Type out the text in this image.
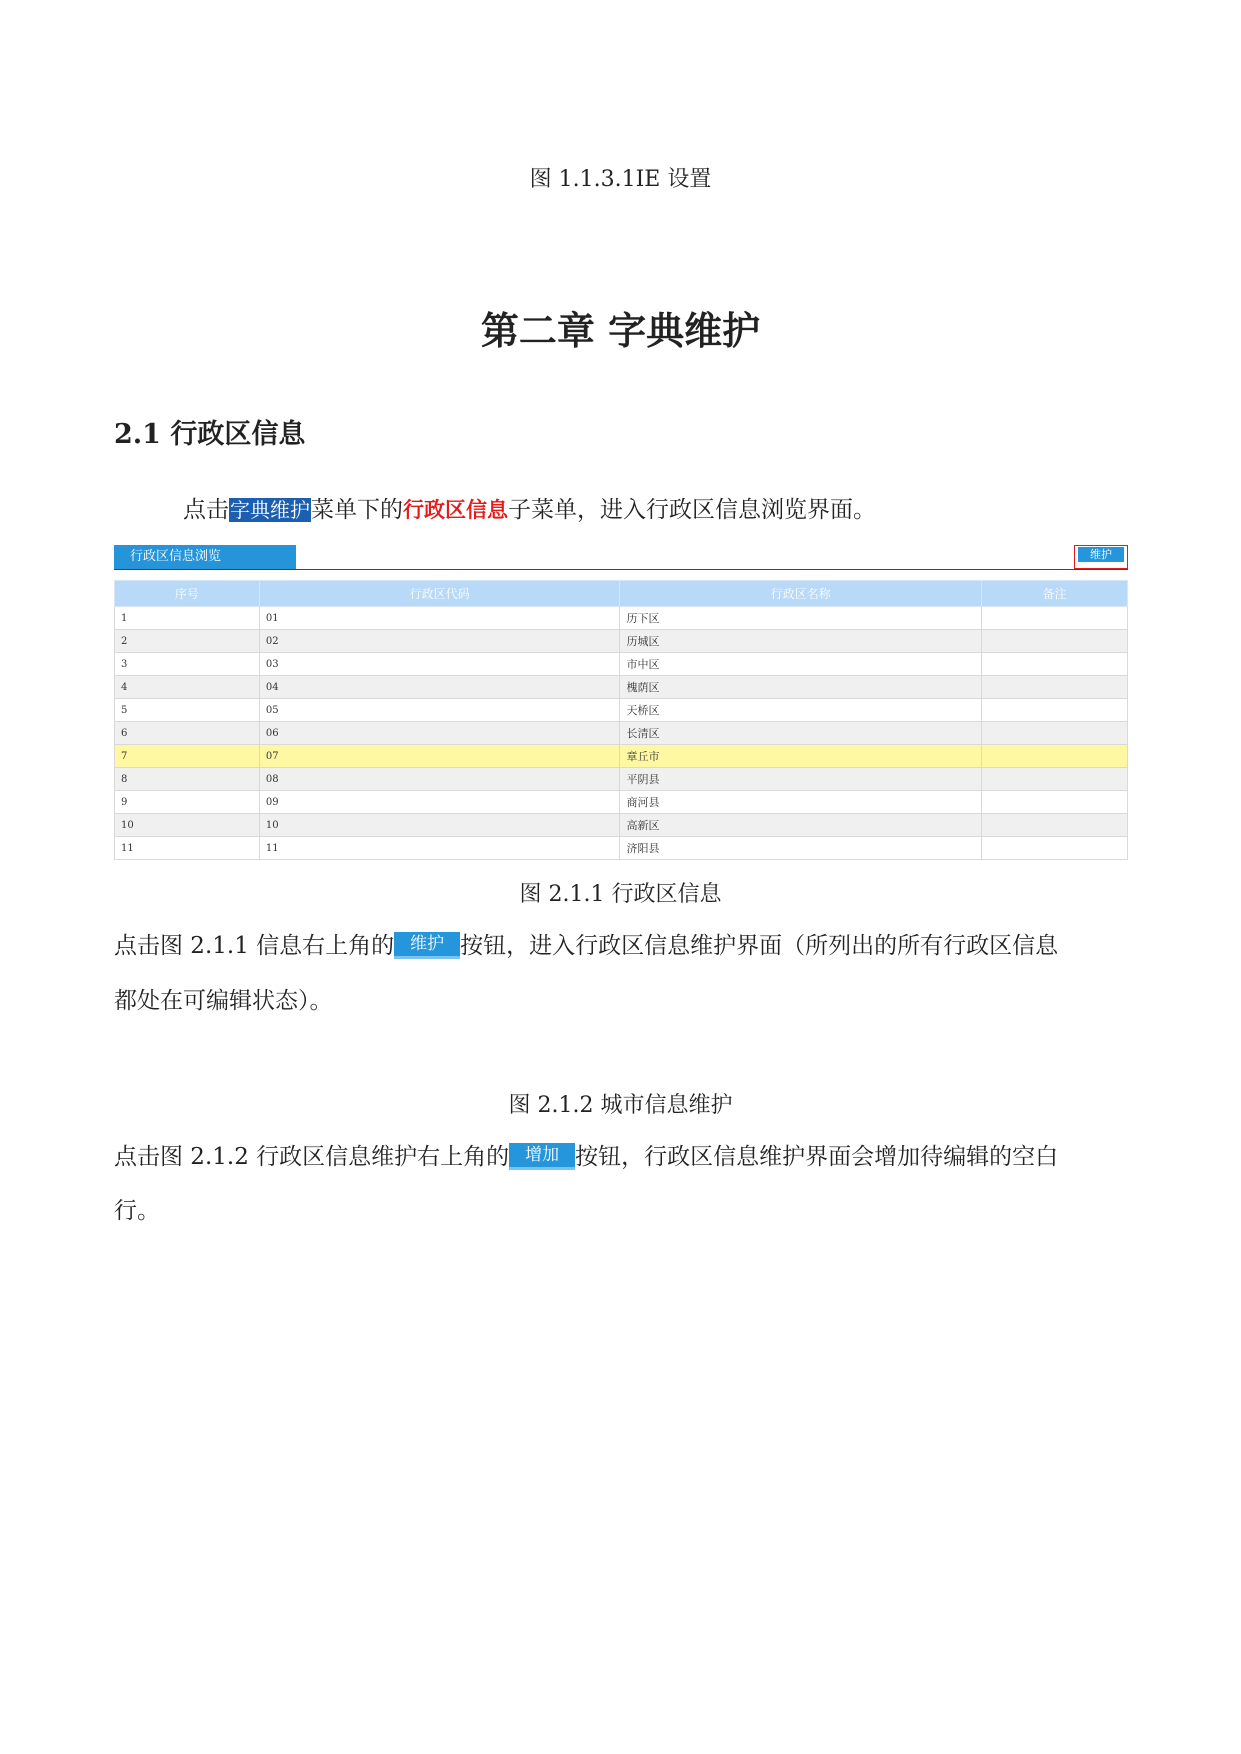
图 1.1.3.1IE 设置
第二章 字典维护
2.1 行政区信息
点击字典维护菜单下的行政区信息子菜单，进入行政区信息浏览界面。
行政区信息浏览	维护
序号	行政区代码	行政区名称	备注
1	01	历下区	
2	02	历城区	
3	03	市中区	
4	04	槐荫区	
5	05	天桥区	
6	06	长清区	
7	07	章丘市	
8	08	平阴县	
9	09	商河县	
10	10	高新区	
11	11	济阳县	
图 2.1.1 行政区信息
点击图 2.1.1 信息右上角的 维护 按钮，进入行政区信息维护界面（所列出的所有行政区信息
都处在可编辑状态）。
图 2.1.2 城市信息维护
点击图 2.1.2 行政区信息维护右上角的 增加 按钮，行政区信息维护界面会增加待编辑的空白
行。
